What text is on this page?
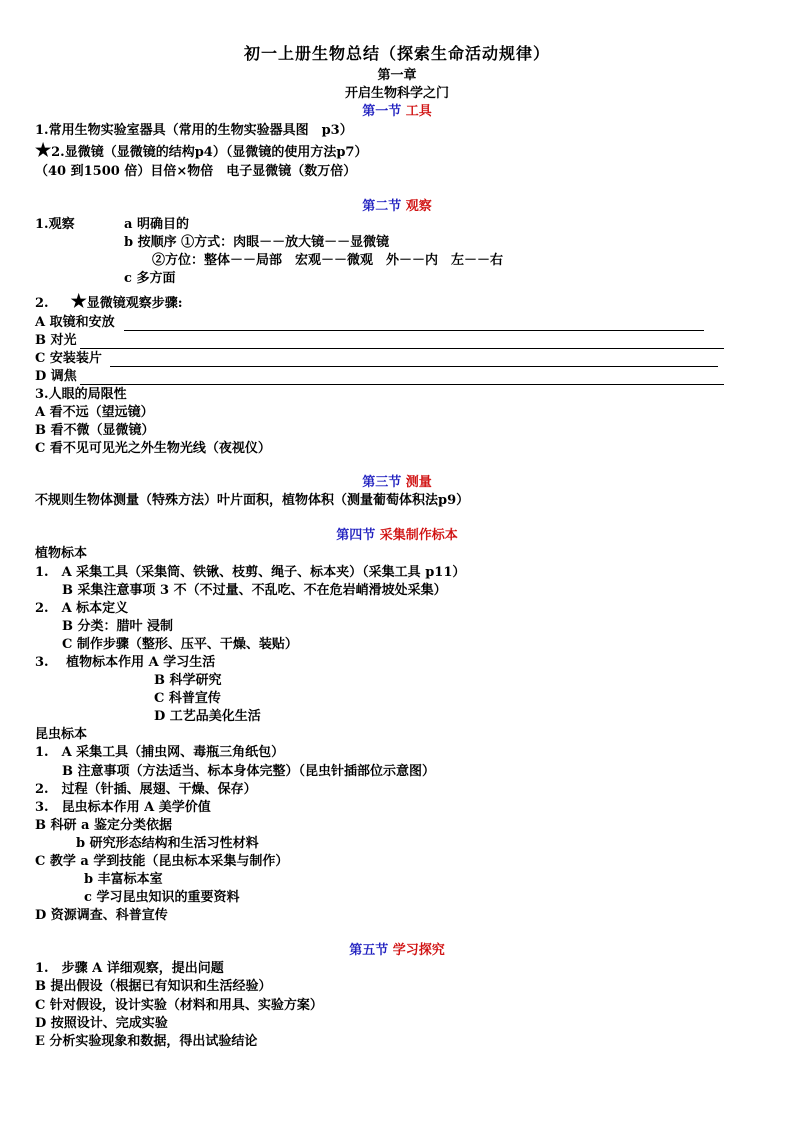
初一上册生物总结（探索生命活动规律）
第一章
开启生物科学之门
第一节 工具
1.常用生物实验室器具（常用的生物实验器具图　p3）
★2.显微镜（显微镜的结构p4）（显微镜的使用方法p7）
（40 到1500 倍）目倍×物倍　电子显微镜（数万倍）
第二节 观察
1.观察	a 明确目的
b 按顺序 ①方式：肉眼－－放大镜－－显微镜
②方位：整体－－局部　宏观－－微观　外－－内　左－－右
c 多方面
2. ★显微镜观察步骤:
A 取镜和安放
B 对光
C 安装装片
D 调焦
3.人眼的局限性
A 看不远（望远镜）
B 看不微（显微镜）
C 看不见可见光之外生物光线（夜视仪）
第三节 测量
不规则生物体测量（特殊方法）叶片面积，植物体积（测量葡萄体积法p9）
第四节 采集制作标本
植物标本
1.　A 采集工具（采集筒、铁锹、枝剪、绳子、标本夹）（采集工具 p11）
B 采集注意事项 3 不（不过量、不乱吃、不在危岩峭滑坡处采集）
2.　A 标本定义
B 分类：腊叶 浸制
C 制作步骤（整形、压平、干燥、装贴）
3.　 植物标本作用 A 学习生活
B 科学研究
C 科普宣传
D 工艺品美化生活
昆虫标本
1.　A 采集工具（捕虫网、毒瓶三角纸包）
B 注意事项（方法适当、标本身体完整）（昆虫针插部位示意图）
2.　过程（针插、展翅、干燥、保存）
3.　昆虫标本作用 A 美学价值
B 科研 a 鉴定分类依据
b 研究形态结构和生活习性材料
C 教学 a 学到技能（昆虫标本采集与制作）
b 丰富标本室
c 学习昆虫知识的重要资料
D 资源调查、科普宣传
第五节 学习探究
1.　步骤 A 详细观察，提出问题
B 提出假设（根据已有知识和生活经验）
C 针对假设，设计实验（材料和用具、实验方案）
D 按照设计、完成实验
E 分析实验现象和数据，得出试验结论
